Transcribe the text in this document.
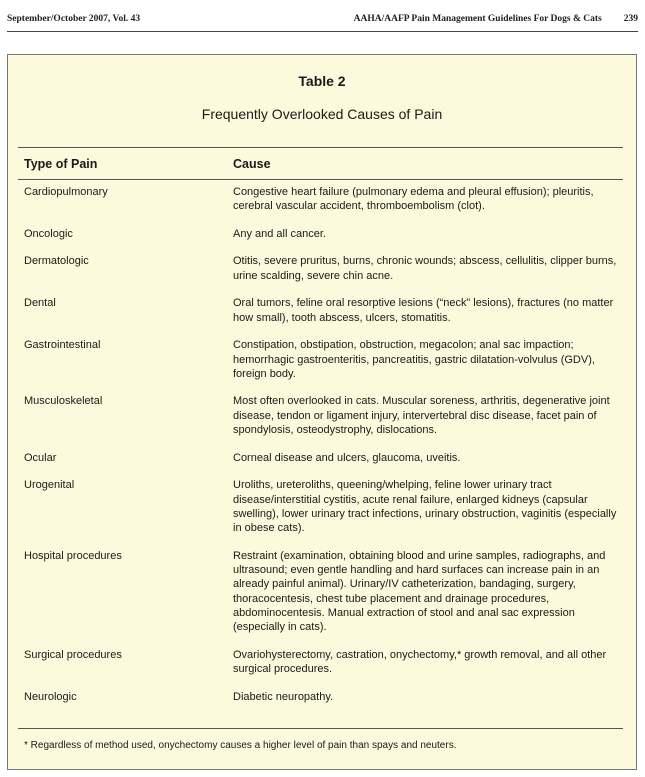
September/October 2007, Vol. 43	AAHA/AAFP Pain Management Guidelines For Dogs & Cats 239
Table 2
Frequently Overlooked Causes of Pain
Type of Pain	Cause
Cardiopulmonary	Congestive heart failure (pulmonary edema and pleural effusion); pleuritis, cerebral vascular accident, thromboembolism (clot).
Oncologic	Any and all cancer.
Dermatologic	Otitis, severe pruritus, burns, chronic wounds; abscess, cellulitis, clipper burns, urine scalding, severe chin acne.
Dental	Oral tumors, feline oral resorptive lesions (“neck” lesions), fractures (no matter how small), tooth abscess, ulcers, stomatitis.
Gastrointestinal	Constipation, obstipation, obstruction, megacolon; anal sac impaction; hemorrhagic gastroenteritis, pancreatitis, gastric dilatation-volvulus (GDV), foreign body.
Musculoskeletal	Most often overlooked in cats. Muscular soreness, arthritis, degenerative joint disease, tendon or ligament injury, intervertebral disc disease, facet pain of spondylosis, osteodystrophy, dislocations.
Ocular	Corneal disease and ulcers, glaucoma, uveitis.
Urogenital	Uroliths, ureteroliths, queening/whelping, feline lower urinary tract disease/interstitial cystitis, acute renal failure, enlarged kidneys (capsular swelling), lower urinary tract infections, urinary obstruction, vaginitis (especially in obese cats).
Hospital procedures	Restraint (examination, obtaining blood and urine samples, radiographs, and ultrasound; even gentle handling and hard surfaces can increase pain in an already painful animal). Urinary/IV catheterization, bandaging, surgery, thoracocentesis, chest tube placement and drainage procedures, abdominocentesis. Manual extraction of stool and anal sac expression (especially in cats).
Surgical procedures	Ovariohysterectomy, castration, onychectomy,* growth removal, and all other surgical procedures.
Neurologic	Diabetic neuropathy.
* Regardless of method used, onychectomy causes a higher level of pain than spays and neuters.
